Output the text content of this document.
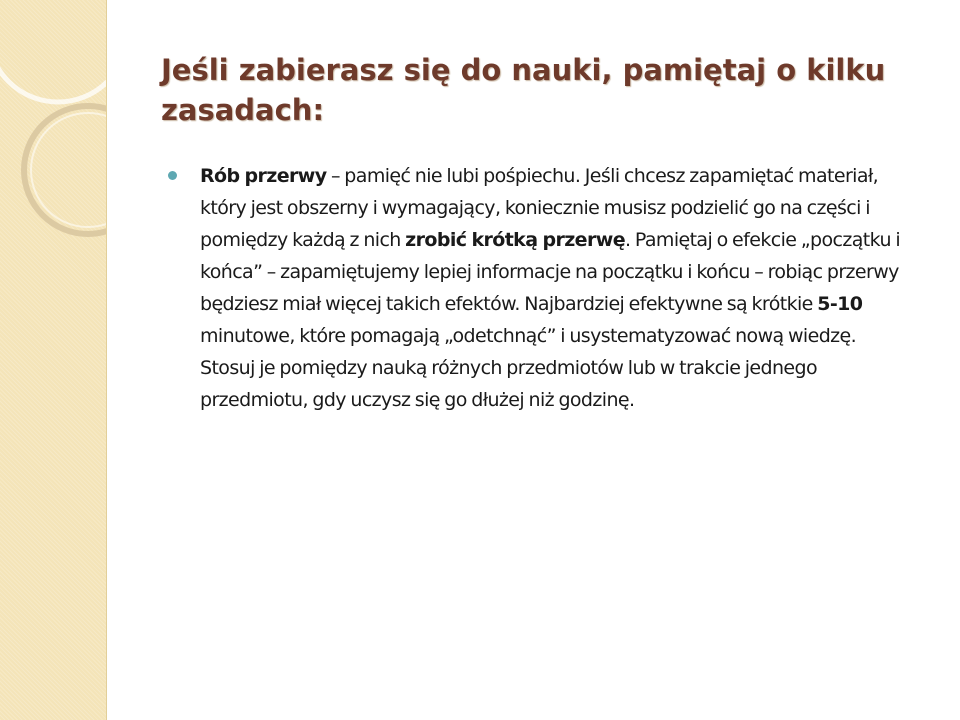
Jeśli zabierasz się do nauki, pamiętaj o kilku zasadach:
Rób przerwy – pamięć nie lubi pośpiechu. Jeśli chcesz zapamiętać materiał, który jest obszerny i wymagający, koniecznie musisz podzielić go na części i pomiędzy każdą z nich zrobić krótką przerwę. Pamiętaj o efekcie „początku i końca” – zapamiętujemy lepiej informacje na początku i końcu – robiąc przerwy będziesz miał więcej takich efektów. Najbardziej efektywne są krótkie 5-10 minutowe, które pomagają „odetchnąć” i usystematyzować nową wiedzę. Stosuj je pomiędzy nauką różnych przedmiotów lub w trakcie jednego przedmiotu, gdy uczysz się go dłużej niż godzinę.
